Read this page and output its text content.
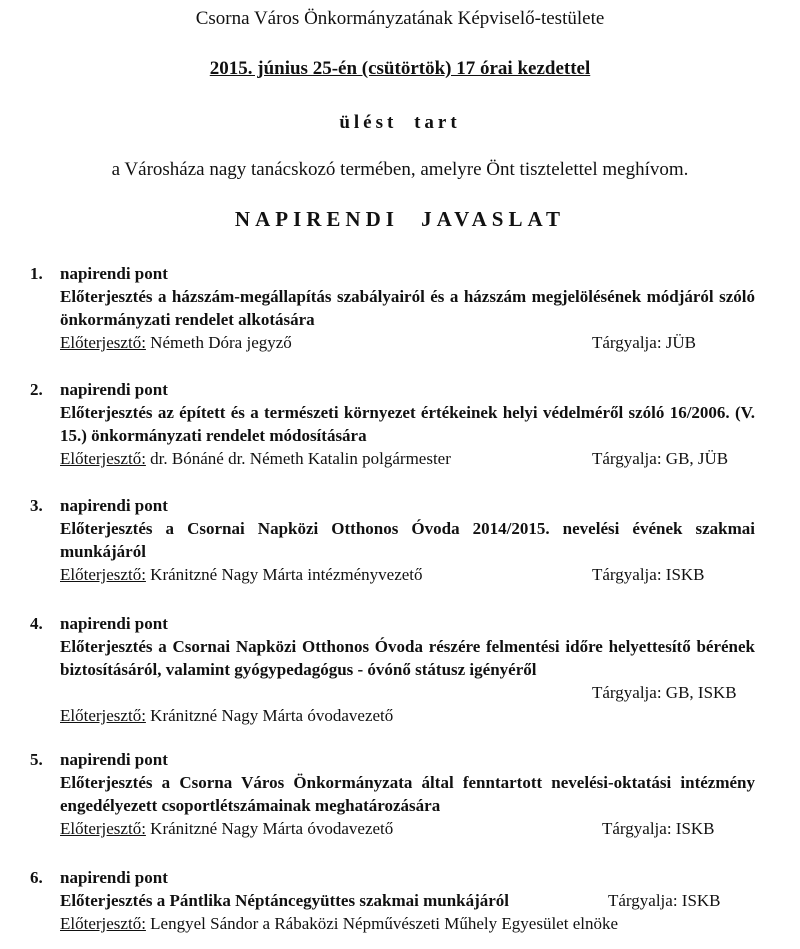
Csorna Város Önkormányzatának Képviselő-testülete

2015. június 25-én (csütörtök) 17 órai kezdettel

ülést tart

a Városháza nagy tanácskozó termében, amelyre Önt tisztelettel meghívom.

NAPIRENDI JAVASLAT

1. napirendi pont
Előterjesztés a házszám-megállapítás szabályairól és a házszám megjelölésének módjáról szóló önkormányzati rendelet alkotására
Előterjesztő: Németh Dóra jegyző	Tárgyalja: JÜB
2. napirendi pont
Előterjesztés az épített és a természeti környezet értékeinek helyi védelméről szóló 16/2006. (V. 15.) önkormányzati rendelet módosítására
Előterjesztő: dr. Bónáné dr. Németh Katalin polgármester	Tárgyalja: GB, JÜB
3. napirendi pont
Előterjesztés a Csornai Napközi Otthonos Óvoda 2014/2015. nevelési évének szakmai munkájáról
Előterjesztő: Kránitzné Nagy Márta intézményvezető	Tárgyalja: ISKB
4. napirendi pont
Előterjesztés a Csornai Napközi Otthonos Óvoda részére felmentési időre helyettesítő bérének biztosításáról, valamint gyógypedagógus - óvónő státusz igényéről
Tárgyalja: GB, ISKB
Előterjesztő: Kránitzné Nagy Márta óvodavezető
5. napirendi pont
Előterjesztés a Csorna Város Önkormányzata által fenntartott nevelési-oktatási intézmény engedélyezett csoportlétszámainak meghatározására
Előterjesztő: Kránitzné Nagy Márta óvodavezető	Tárgyalja: ISKB
6. napirendi pont
Előterjesztés a Pántlika Néptáncegyüttes szakmai munkájáról	Tárgyalja: ISKB
Előterjesztő: Lengyel Sándor a Rábaközi Népművészeti Műhely Egyesület elnöke
